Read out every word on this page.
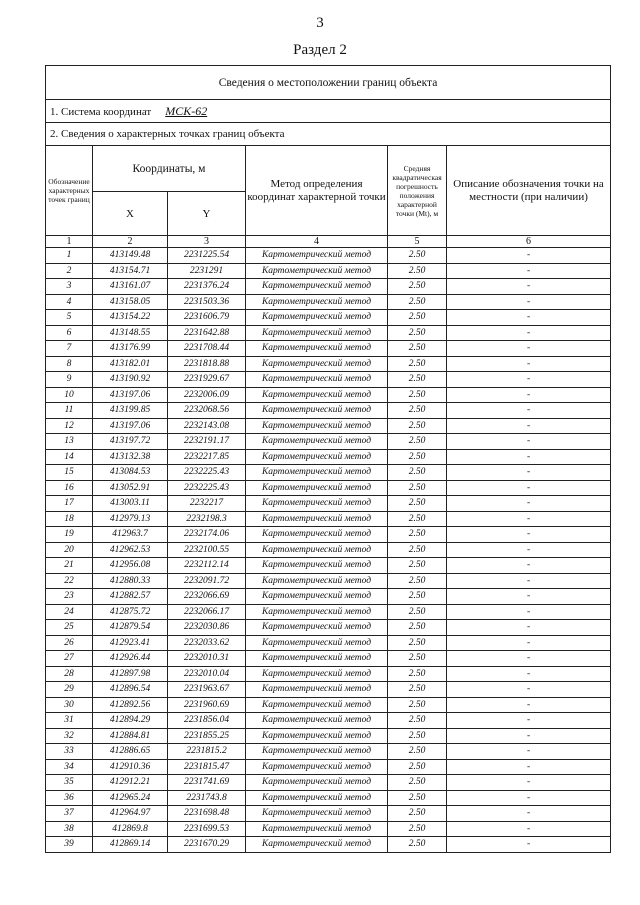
3
Раздел 2
Сведения о местоположении границ объекта					
1. Система координат МСК-62					
2. Сведения о характерных точках границ объекта					
Обозначение характерных точек границ	Координаты, м		Метод определения координат характерной точки	Средняя квадратическая погрешность положения характерной точки (Mt), м	Описание обозначения точки на местности (при наличии)
	X	Y			
1	2	3	4	5	6
1	413149.48	2231225.54	Картометрический метод	2.50	-
2	413154.71	2231291	Картометрический метод	2.50	-
3	413161.07	2231376.24	Картометрический метод	2.50	-
4	413158.05	2231503.36	Картометрический метод	2.50	-
5	413154.22	2231606.79	Картометрический метод	2.50	-
6	413148.55	2231642.88	Картометрический метод	2.50	-
7	413176.99	2231708.44	Картометрический метод	2.50	-
8	413182.01	2231818.88	Картометрический метод	2.50	-
9	413190.92	2231929.67	Картометрический метод	2.50	-
10	413197.06	2232006.09	Картометрический метод	2.50	-
11	413199.85	2232068.56	Картометрический метод	2.50	-
12	413197.06	2232143.08	Картометрический метод	2.50	-
13	413197.72	2232191.17	Картометрический метод	2.50	-
14	413132.38	2232217.85	Картометрический метод	2.50	-
15	413084.53	2232225.43	Картометрический метод	2.50	-
16	413052.91	2232225.43	Картометрический метод	2.50	-
17	413003.11	2232217	Картометрический метод	2.50	-
18	412979.13	2232198.3	Картометрический метод	2.50	-
19	412963.7	2232174.06	Картометрический метод	2.50	-
20	412962.53	2232100.55	Картометрический метод	2.50	-
21	412956.08	2232112.14	Картометрический метод	2.50	-
22	412880.33	2232091.72	Картометрический метод	2.50	-
23	412882.57	2232066.69	Картометрический метод	2.50	-
24	412875.72	2232066.17	Картометрический метод	2.50	-
25	412879.54	2232030.86	Картометрический метод	2.50	-
26	412923.41	2232033.62	Картометрический метод	2.50	-
27	412926.44	2232010.31	Картометрический метод	2.50	-
28	412897.98	2232010.04	Картометрический метод	2.50	-
29	412896.54	2231963.67	Картометрический метод	2.50	-
30	412892.56	2231960.69	Картометрический метод	2.50	-
31	412894.29	2231856.04	Картометрический метод	2.50	-
32	412884.81	2231855.25	Картометрический метод	2.50	-
33	412886.65	2231815.2	Картометрический метод	2.50	-
34	412910.36	2231815.47	Картометрический метод	2.50	-
35	412912.21	2231741.69	Картометрический метод	2.50	-
36	412965.24	2231743.8	Картометрический метод	2.50	-
37	412964.97	2231698.48	Картометрический метод	2.50	-
38	412869.8	2231699.53	Картометрический метод	2.50	-
39	412869.14	2231670.29	Картометрический метод	2.50	-
